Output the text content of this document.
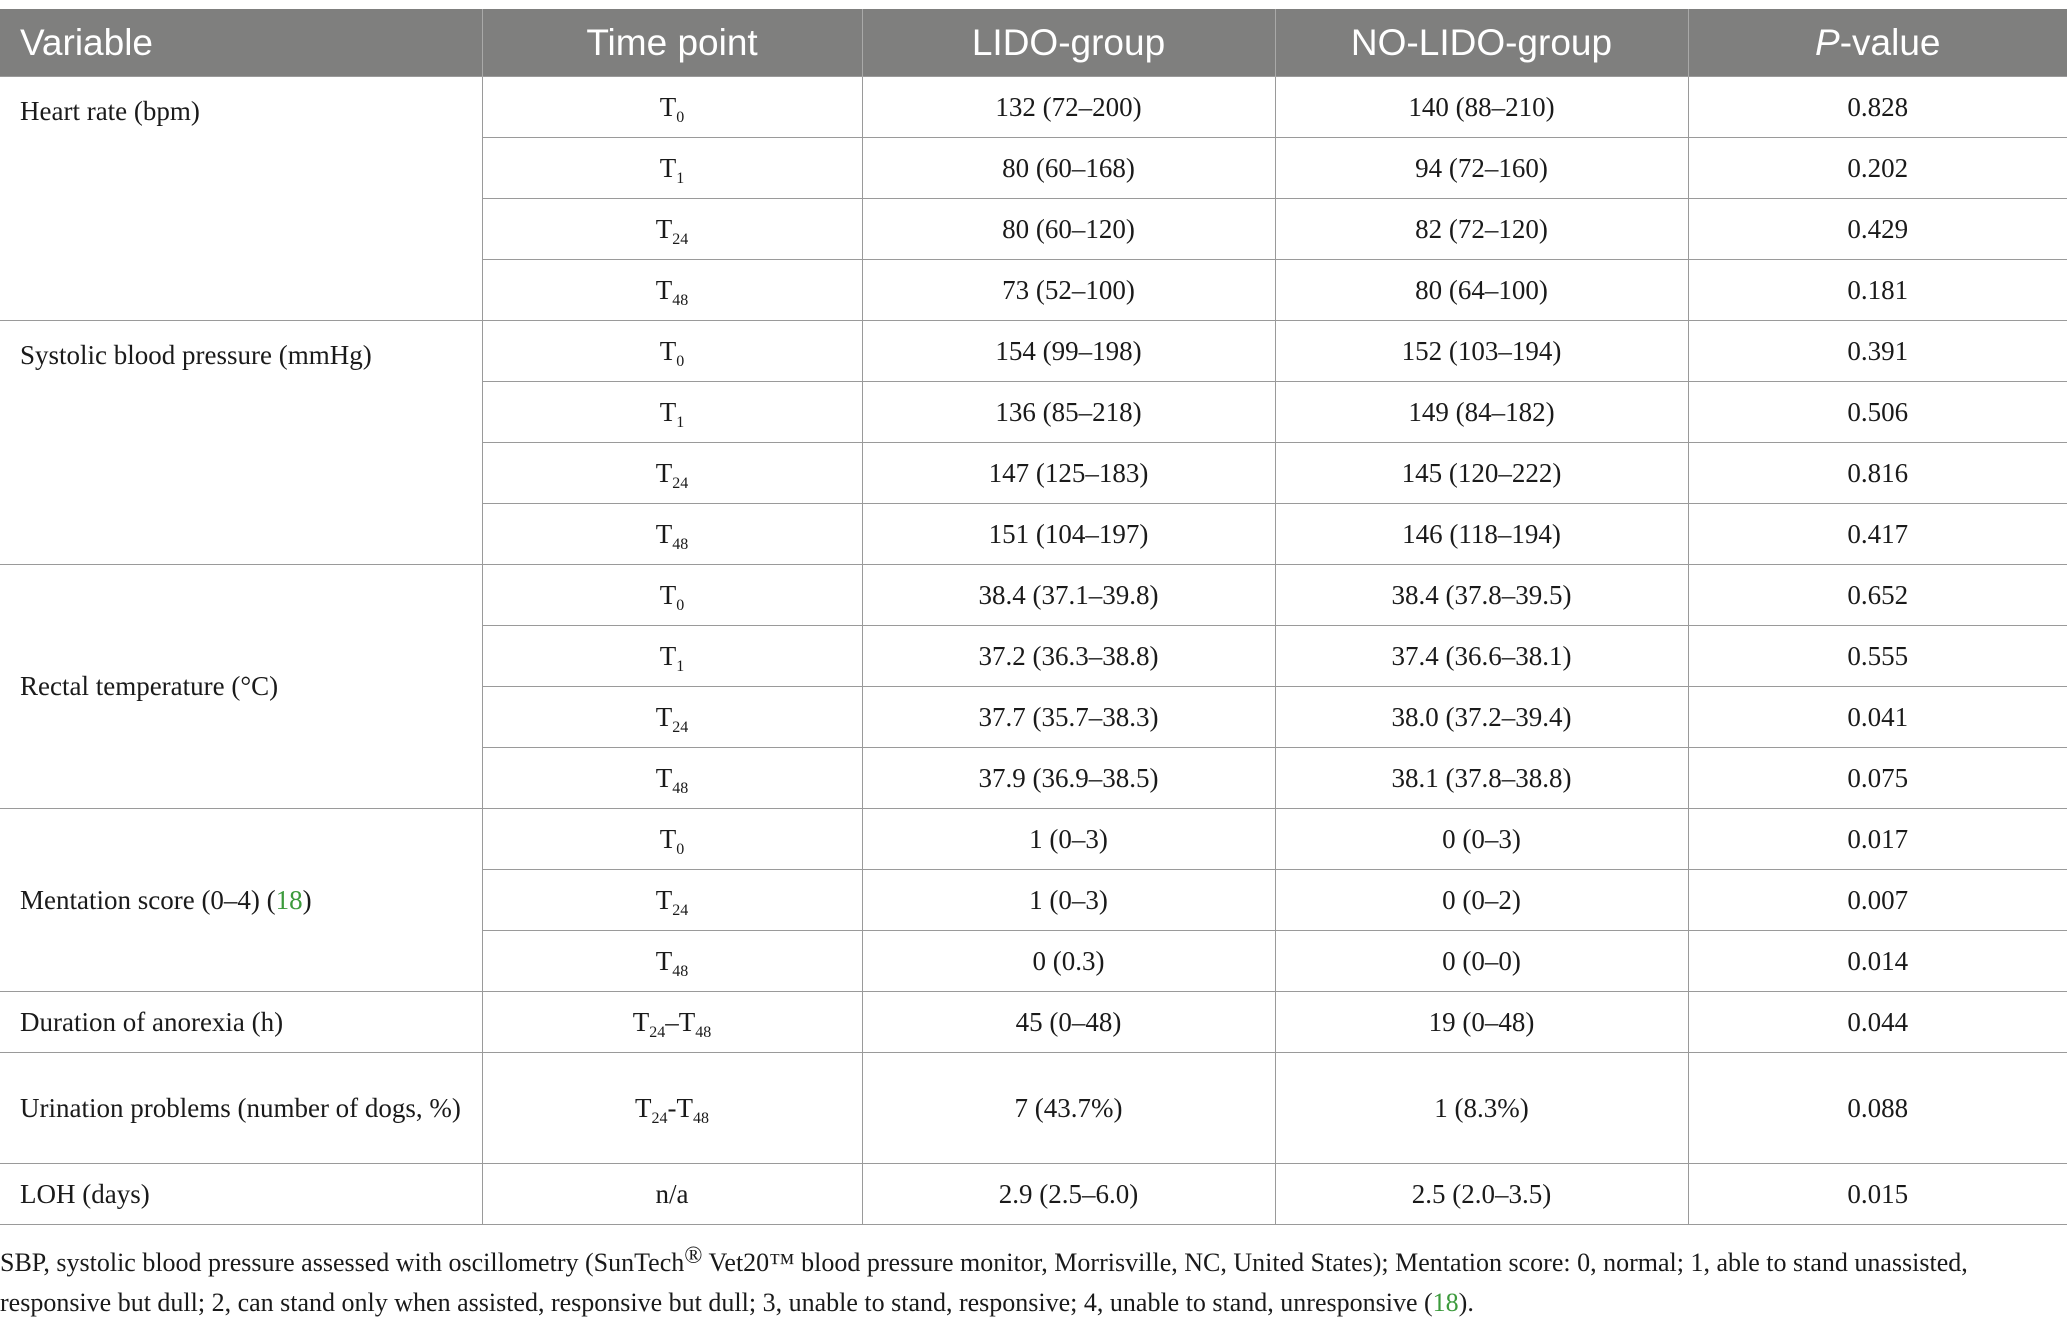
Variable	Time point	LIDO-group	NO-LIDO-group	P-value
Heart rate (bpm)	$T_0$	132 (72–200)	140 (88–210)	0.828
	$T_1$	80 (60–168)	94 (72–160)	0.202
	$T_{24}$	80 (60–120)	82 (72–120)	0.429
	$T_{48}$	73 (52–100)	80 (64–100)	0.181
Systolic blood pressure (mmHg)	$T_0$	154 (99–198)	152 (103–194)	0.391
	$T_1$	136 (85–218)	149 (84–182)	0.506
	$T_{24}$	147 (125–183)	145 (120–222)	0.816
	$T_{48}$	151 (104–197)	146 (118–194)	0.417
Rectal temperature (°C)	$T_0$	38.4 (37.1–39.8)	38.4 (37.8–39.5)	0.652
	$T_1$	37.2 (36.3–38.8)	37.4 (36.6–38.1)	0.555
	$T_{24}$	37.7 (35.7–38.3)	38.0 (37.2–39.4)	0.041
	$T_{48}$	37.9 (36.9–38.5)	38.1 (37.8–38.8)	0.075
Mentation score (0–4) (18)	$T_0$	1 (0–3)	0 (0–3)	0.017
	$T_{24}$	1 (0–3)	0 (0–2)	0.007
	$T_{48}$	0 (0.3)	0 (0–0)	0.014
Duration of anorexia (h)	$T_{24}-T_{48}$	45 (0–48)	19 (0–48)	0.044
Urination problems (number of dogs, %)	$T_{24}-T_{48}$	7 (43.7%)	1 (8.3%)	0.088
LOH (days)	n/a	2.9 (2.5–6.0)	2.5 (2.0–3.5)	0.015
SBP, systolic blood pressure assessed with oscillometry (SunTech® Vet20™ blood pressure monitor, Morrisville, NC, United States); Mentation score: 0, normal; 1, able to stand unassisted, responsive but dull; 2, can stand only when assisted, responsive but dull; 3, unable to stand, responsive; 4, unable to stand, unresponsive (18).
